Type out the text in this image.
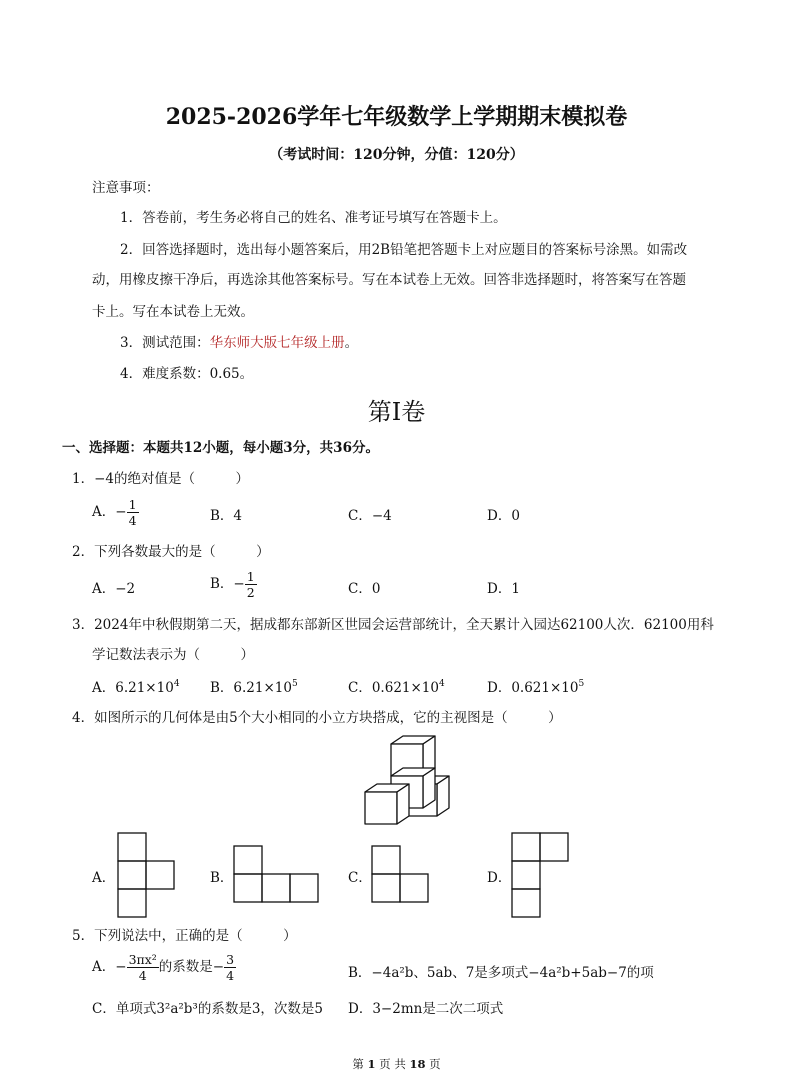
2025-2026学年七年级数学上学期期末模拟卷
（考试时间：120分钟，分值：120分）
注意事项：
1．答卷前，考生务必将自己的姓名、准考证号填写在答题卡上。
2．回答选择题时，选出每小题答案后，用2B铅笔把答题卡上对应题目的答案标号涂黑。如需改
动，用橡皮擦干净后，再选涂其他答案标号。写在本试卷上无效。回答非选择题时，将答案写在答题
卡上。写在本试卷上无效。
3．测试范围：华东师大版七年级上册。
4．难度系数：0.65。
第Ⅰ卷
一、选择题：本题共12小题，每小题3分，共36分。
1．−4的绝对值是（　　　）
A．− $\frac{1}{4}$	B．4	C．−4	D．0
2．下列各数最大的是（　　　）
A．−2	B．− $\frac{1}{2}$	C．0	D．1
3．2024年中秋假期第二天，据成都东部新区世园会运营部统计，全天累计入园达62100人次．62100用科
学记数法表示为（　　　）
A．$6.21\times 10^4$ B．$6.21\times 10^5$	C．$0.621\times 10^4$	D．$0.621\times 10^5$
4．如图所示的几何体是由5个大小相同的小立方块搭成，它的主视图是（　　　）
A．	B．	C．	D．
5．下列说法中，正确的是（　　　）
A．− $\frac{\text{3πx²}}{4}$ 的系数是− $\frac{3}{4}$	B．−4a²b、5ab、7是多项式−4a²b+5ab−7的项
C．单项式3²a²b³的系数是3，次数是5 D．3−2mn是二次二项式
第 1 页 共 18 页
